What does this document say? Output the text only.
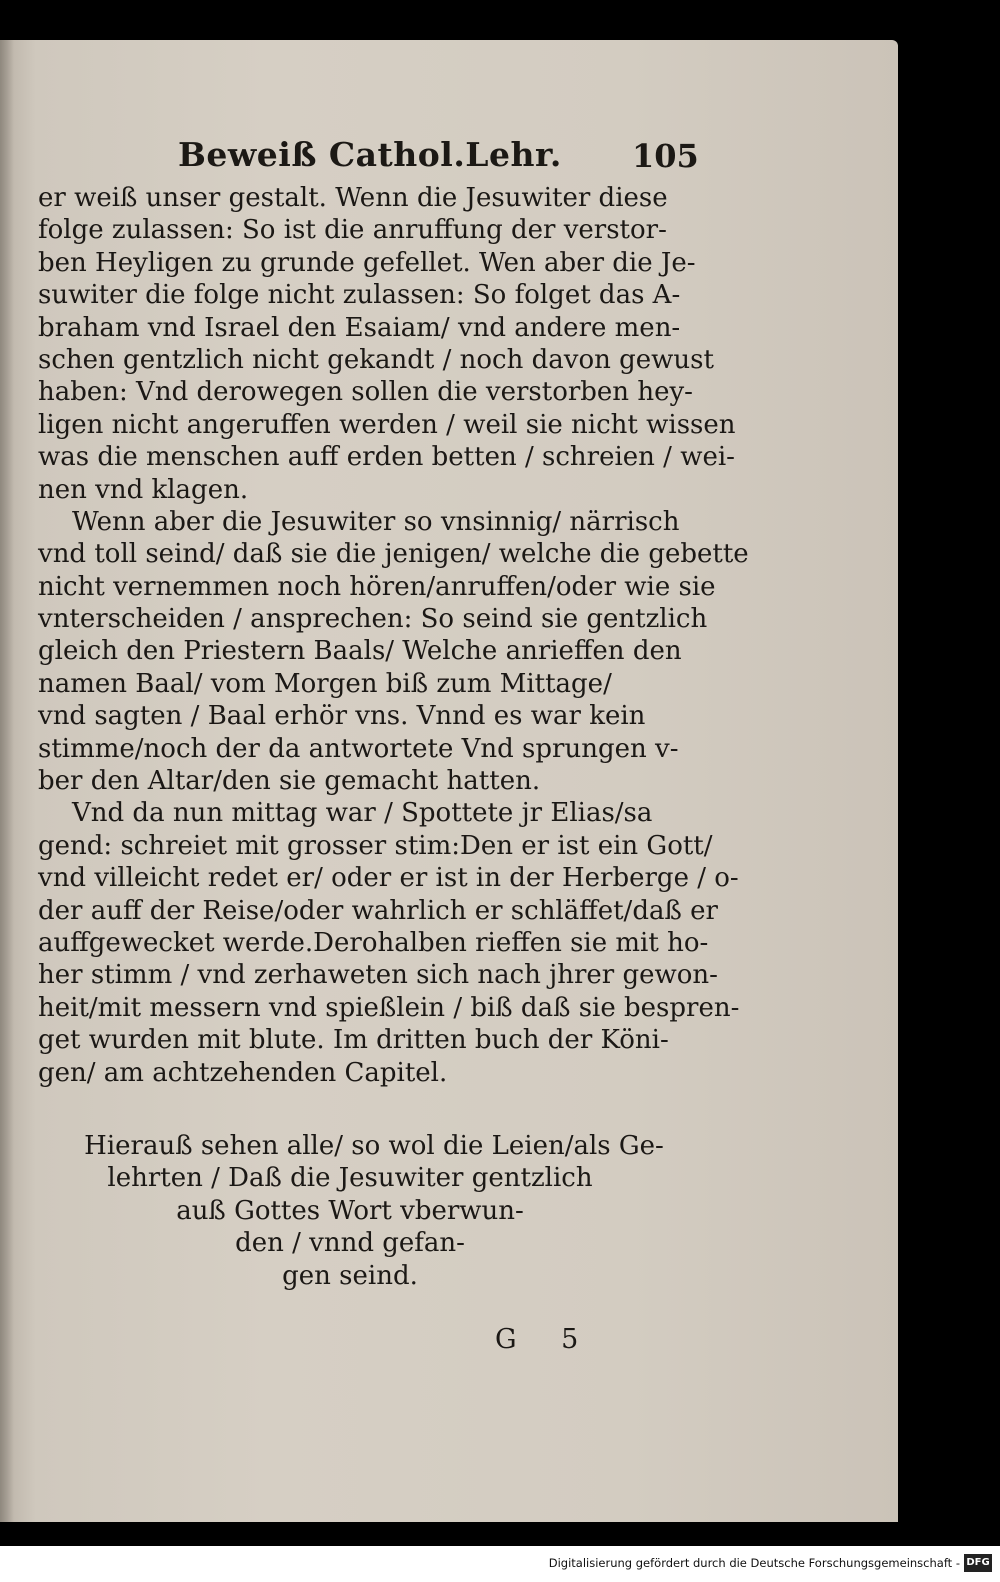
Beweiß Cathol.Lehr. 105
er weiß unser gestalt. Wenn die Jesuwiter diese
folge zulassen: So ist die anruffung der verstor-
ben Heyligen zu grunde gefellet. Wen aber die Je-
suwiter die folge nicht zulassen: So folget das A-
braham vnd Israel den Esaiam/ vnd andere men-
schen gentzlich nicht gekandt / noch davon gewust
haben: Vnd derowegen sollen die verstorben hey-
ligen nicht angeruffen werden / weil sie nicht wissen
was die menschen auff erden betten / schreien / wei-
nen vnd klagen.
Wenn aber die Jesuwiter so vnsinnig/ närrisch
vnd toll seind/ daß sie die jenigen/ welche die gebette
nicht vernemmen noch hören/anruffen/oder wie sie
vnterscheiden / ansprechen: So seind sie gentzlich
gleich den Priestern Baals/ Welche anrieffen den
namen Baal/ vom Morgen biß zum Mittage/
vnd sagten / Baal erhör vns. Vnnd es war kein
stimme/noch der da antwortete Vnd sprungen v-
ber den Altar/den sie gemacht hatten.
Vnd da nun mittag war / Spottete jr Elias/sa
gend: schreiet mit grosser stim:Den er ist ein Gott/
vnd villeicht redet er/ oder er ist in der Herberge / o-
der auff der Reise/oder wahrlich er schläffet/daß er
auffgewecket werde.Derohalben rieffen sie mit ho-
her stimm / vnd zerhaweten sich nach jhrer gewon-
heit/mit messern vnd spießlein / biß daß sie bespren-
get wurden mit blute. Im dritten buch der Köni-
gen/ am achtzehenden Capitel.
Hierauß sehen alle/ so wol die Leien/als Ge-
lehrten / Daß die Jesuwiter gentzlich
auß Gottes Wort vberwun-
den / vnnd gefan-
gen seind.
G 5
Digitalisierung gefördert durch die Deutsche Forschungsgemeinschaft - DFG
